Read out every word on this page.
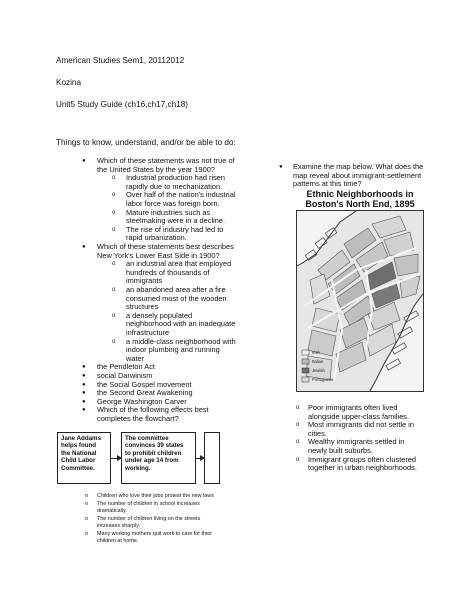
American Studies Sem1, 20112012
Kozina
Unit5 Study Guide (ch16,ch17,ch18)
Things to know, understand, and/or be able to do:
● Which of these statements was not true of
the United States by the year 1900?
o Industrial production had risen
rapidly due to mechanization.
o Over half of the nation's industrial
labor force was foreign born.
o Mature industries such as
steelmaking were in a decline.
o The rise of industry had led to
rapid urbanization.
● Which of these statements best describes
New York's Lower East Side in 1900?
o an industrial area that employed
hundreds of thousands of
immigrants
o an abandoned area after a fire
consumed most of the wooden
structures
o a densely populated
neighborhood with an inadequate
infrastructure
o a middle-class neighborhood with
indoor plumbing and running
water
● the Pendleton Act
● social Darwinism
● the Social Gospel movement
● the Second Great Awakening
● George Washington Carver
● Which of the following effects best
completes the flowchart?
Jane Addams
helps found
the National
Child Labor
Committee.
The committee
convinces 39 states
to prohibit children
under age 14 from
working.
o Children who love their jobs protest the new laws
o The number of children in school increases
dramatically.
o The number of children living on the streets
increases sharply.
o Many working mothers quit work to care for their
children at home.
● Examine the map below. What does the
map reveal about immigrant-settlement
patterns at this time?
Ethnic Neighborhoods in
Boston's North End, 1895
Irish
Italian
Jewish
Portuguese
o Poor immigrants often lived
alongside upper-class families.
o Most immigrants did not settle in
cities.
o Wealthy immigrants settled in
newly built suburbs.
o Immigrant groups often clustered
together in urban neighborhoods.
